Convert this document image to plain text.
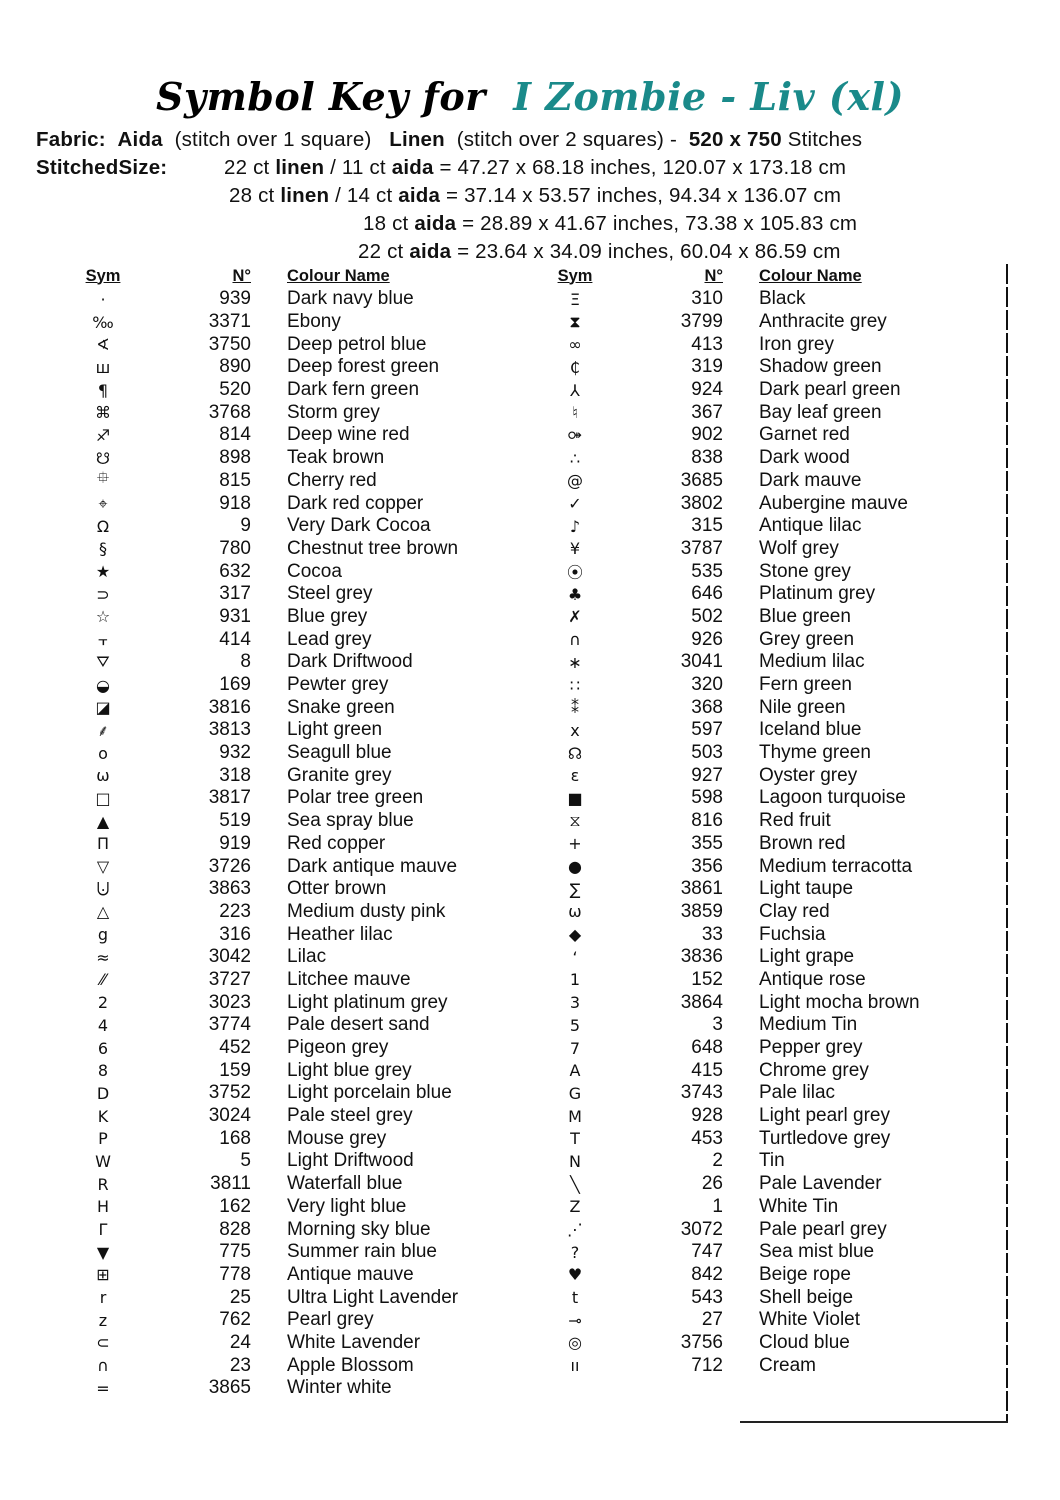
Symbol Key for I Zombie - Liv (xl)
Fabric: Aida (stitch over 1 square) Linen (stitch over 2 squares) - 520 x 750 Stitches
StitchedSize:	22 ct linen / 11 ct aida = 47.27 x 68.18 inches, 120.07 x 173.18 cm
28 ct linen / 14 ct aida = 37.14 x 53.57 inches, 94.34 x 136.07 cm
18 ct aida = 28.89 x 41.67 inches, 73.38 x 105.83 cm
22 ct aida = 23.64 x 34.09 inches, 60.04 x 86.59 cm
Sym	N°	Colour Name
·	939	Dark navy blue
‰	3371	Ebony
∢	3750	Deep petrol blue
ш	890	Deep forest green
¶	520	Dark fern green
⌘	3768	Storm grey
♐	814	Deep wine red
☋	898	Teak brown
⯐	815	Cherry red
⌖	918	Dark red copper
Ω	9	Very Dark Cocoa
§	780	Chestnut tree brown
★	632	Cocoa
⊃	317	Steel grey
☆	931	Blue grey
⫟	414	Lead grey
⛛	8	Dark Driftwood
◒	169	Pewter grey
◪	3816	Snake green
⸙	3813	Light green
o	932	Seagull blue
ω	318	Granite grey
□	3817	Polar tree green
▲	519	Sea spray blue
Π	919	Red copper
▽	3726	Dark antique mauve
⨃	3863	Otter brown
△	223	Medium dusty pink
g	316	Heather lilac
≈	3042	Lilac
⁄⁄	3727	Litchee mauve
2	3023	Light platinum grey
4	3774	Pale desert sand
6	452	Pigeon grey
8	159	Light blue grey
D	3752	Light porcelain blue
K	3024	Pale steel grey
P	168	Mouse grey
W	5	Light Driftwood
R	3811	Waterfall blue
H	162	Very light blue
Γ	828	Morning sky blue
▼	775	Summer rain blue
⊞	778	Antique mauve
r	25	Ultra Light Lavender
z	762	Pearl grey
⊂	24	White Lavender
∩	23	Apple Blossom
=	3865	Winter white
Sym	N°	Colour Name
Ξ	310	Black
⧗	3799	Anthracite grey
∞	413	Iron grey
₵	319	Shadow green
⅄	924	Dark pearl green
♮	367	Bay leaf green
⚩	902	Garnet red
∴	838	Dark wood
@	3685	Dark mauve
✓	3802	Aubergine mauve
♪	315	Antique lilac
¥	3787	Wolf grey
⦿	535	Stone grey
♣	646	Platinum grey
✗	502	Blue green
∩	926	Grey green
∗	3041	Medium lilac
∷	320	Fern green
⁑	368	Nile green
x	597	Iceland blue
☊	503	Thyme green
ɛ	927	Oyster grey
■	598	Lagoon turquoise
⧖	816	Red fruit
+	355	Brown red
●	356	Medium terracotta
∑	3861	Light taupe
ω	3859	Clay red
◆	33	Fuchsia
‘	3836	Light grape
1	152	Antique rose
3	3864	Light mocha brown
5	3	Medium Tin
7	648	Pepper grey
A	415	Chrome grey
G	3743	Pale lilac
M	928	Light pearl grey
T	453	Turtledove grey
N	2	Tin
╲	26	Pale Lavender
Z	1	White Tin
⋰	3072	Pale pearl grey
?	747	Sea mist blue
♥	842	Beige rope
t	543	Shell beige
⊸	27	White Violet
◎	3756	Cloud blue
ıı	712	Cream
